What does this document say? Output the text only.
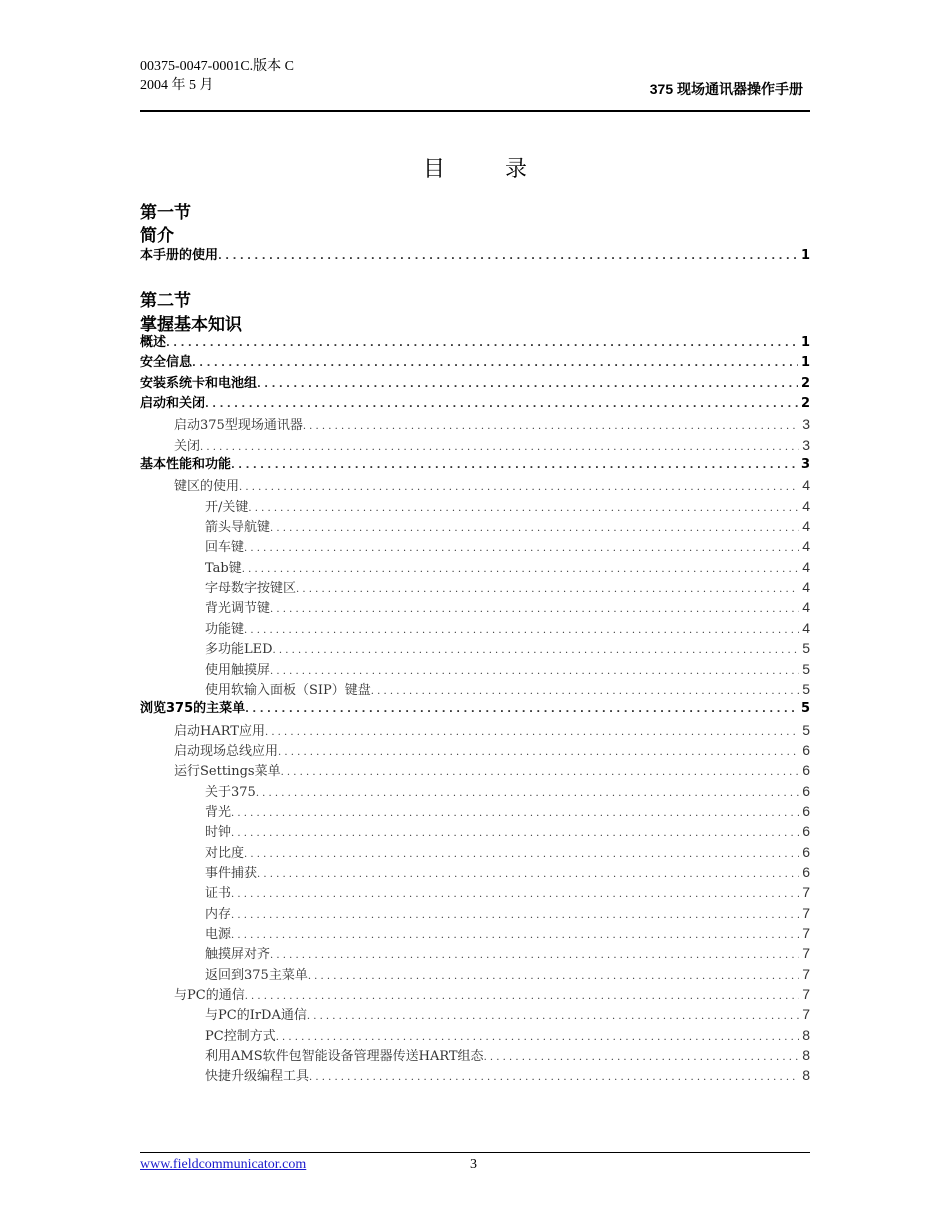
00375-0047-0001C.版本 C
2004 年 5 月	375 现场通讯器操作手册
目录
第一节
简介
本手册的使用 . . .	1
第二节
掌握基本知识
概述 . . .	1
安全信息 . . .	1
安装系统卡和电池组 . . .	2
启动和关闭 . . .	2
启动375型现场通讯器 . . .	3
关闭 . . .	3
基本性能和功能 . . .	3
键区的使用 . . .	4
开/关键 . . .	4
箭头导航键 . . .	4
回车键 . . .	4
Tab键 . . .	4
字母数字按键区 . . .	4
背光调节键 . . .	4
功能键 . . .	4
多功能LED . . .	5
使用触摸屏 . . .	5
使用软输入面板（SIP）键盘 . . .	5
浏览375的主菜单 . . .	5
启动HART应用 . . .	5
启动现场总线应用 . . .	6
运行Settings菜单 . . .	6
关于375 . . .	6
背光 . . .	6
时钟 . . .	6
对比度 . . .	6
事件捕获 . . .	6
证书 . . .	7
内存 . . .	7
电源 . . .	7
触摸屏对齐 . . .	7
返回到375主菜单 . . .	7
与PC的通信 . . .	7
与PC的IrDA通信 . . .	7
PC控制方式 . . .	8
利用AMS软件包智能设备管理器传送HART组态 . . .	8
快捷升级编程工具 . . .	8
www.fieldcommunicator.com	3
